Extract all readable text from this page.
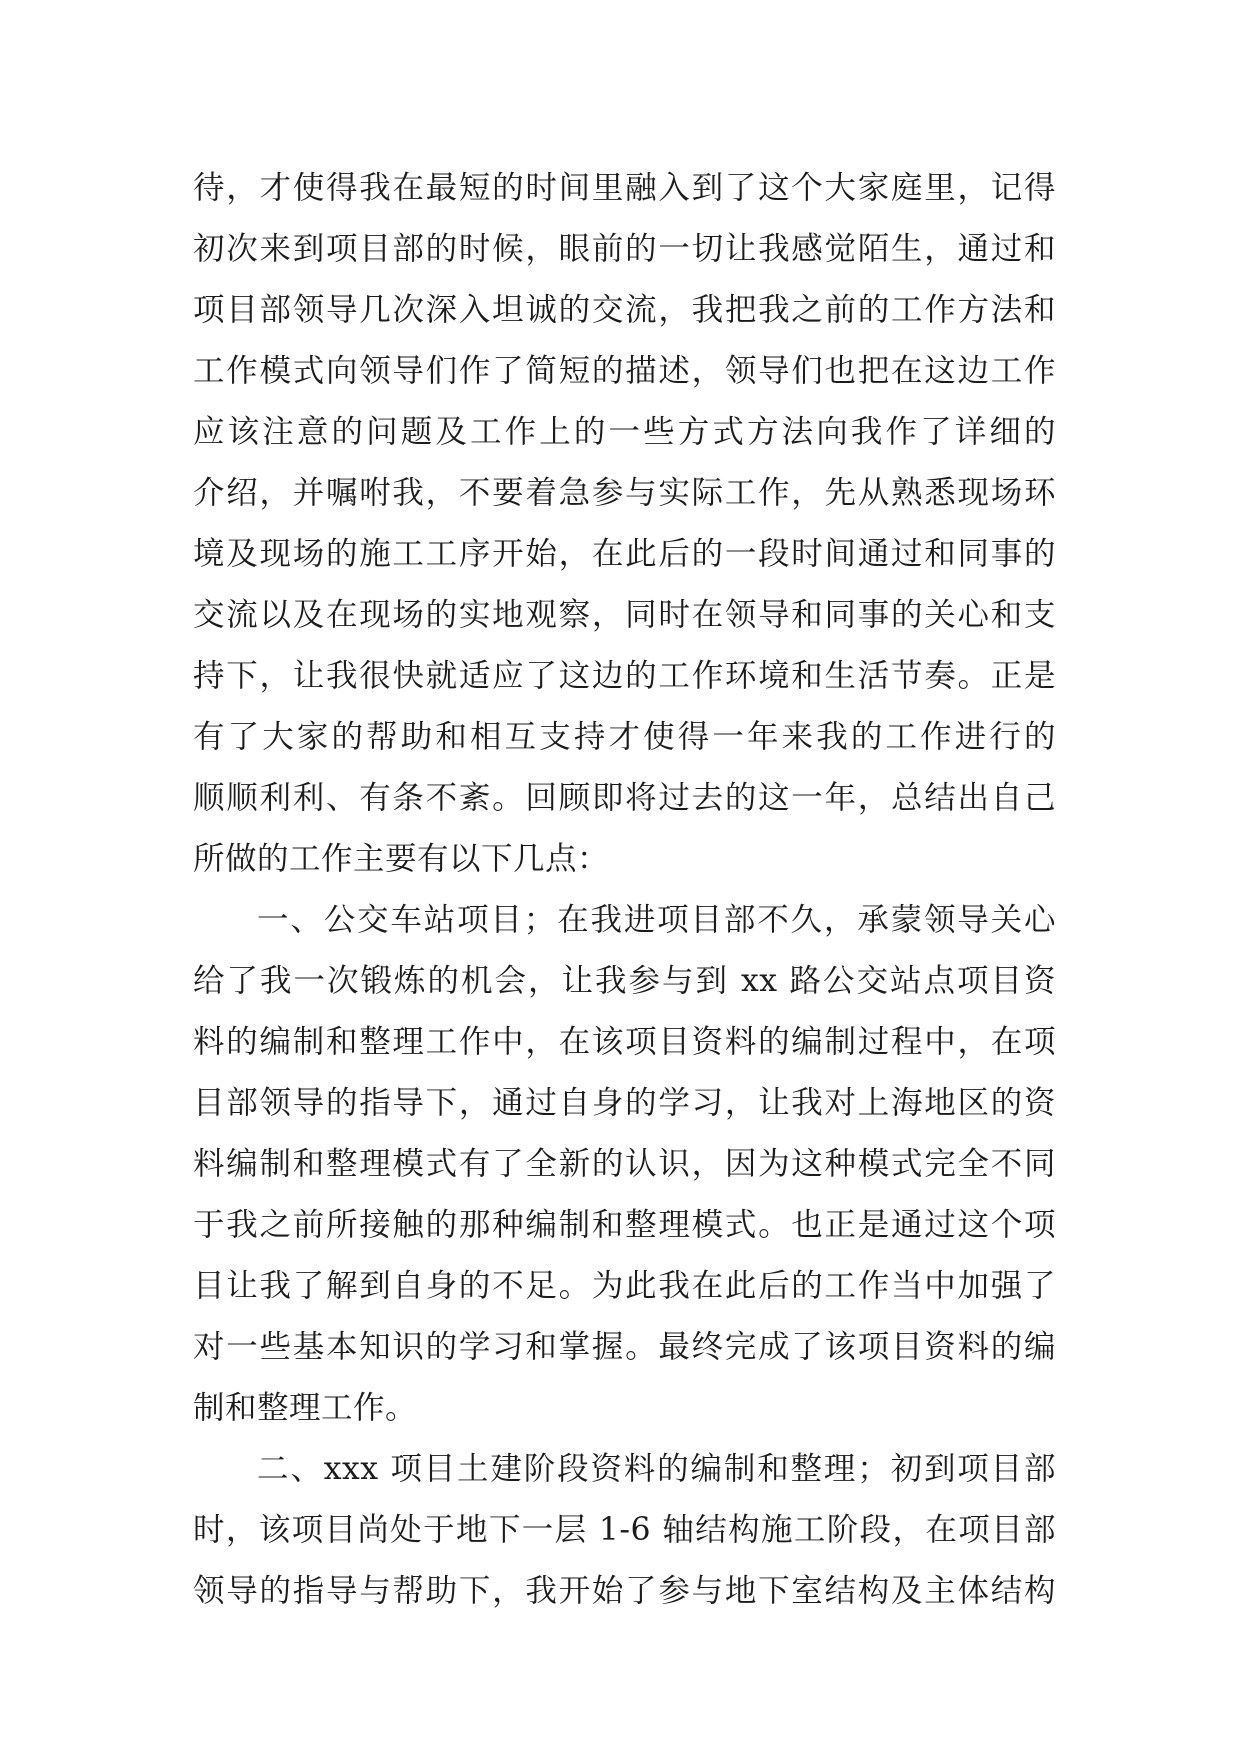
待，才使得我在最短的时间里融入到了这个大家庭里，记得
初次来到项目部的时候，眼前的一切让我感觉陌生，通过和
项目部领导几次深入坦诚的交流，我把我之前的工作方法和
工作模式向领导们作了简短的描述，领导们也把在这边工作
应该注意的问题及工作上的一些方式方法向我作了详细的
介绍，并嘱咐我，不要着急参与实际工作，先从熟悉现场环
境及现场的施工工序开始，在此后的一段时间通过和同事的
交流以及在现场的实地观察，同时在领导和同事的关心和支
持下，让我很快就适应了这边的工作环境和生活节奏。正是
有了大家的帮助和相互支持才使得一年来我的工作进行的
顺顺利利、有条不紊。回顾即将过去的这一年，总结出自己
所做的工作主要有以下几点：
一、公交车站项目；在我进项目部不久，承蒙领导关心
给了我一次锻炼的机会，让我参与到 xx 路公交站点项目资
料的编制和整理工作中，在该项目资料的编制过程中，在项
目部领导的指导下，通过自身的学习，让我对上海地区的资
料编制和整理模式有了全新的认识，因为这种模式完全不同
于我之前所接触的那种编制和整理模式。也正是通过这个项
目让我了解到自身的不足。为此我在此后的工作当中加强了
对一些基本知识的学习和掌握。最终完成了该项目资料的编
制和整理工作。
二、xxx 项目土建阶段资料的编制和整理；初到项目部
时，该项目尚处于地下一层 1-6 轴结构施工阶段，在项目部
领导的指导与帮助下，我开始了参与地下室结构及主体结构
